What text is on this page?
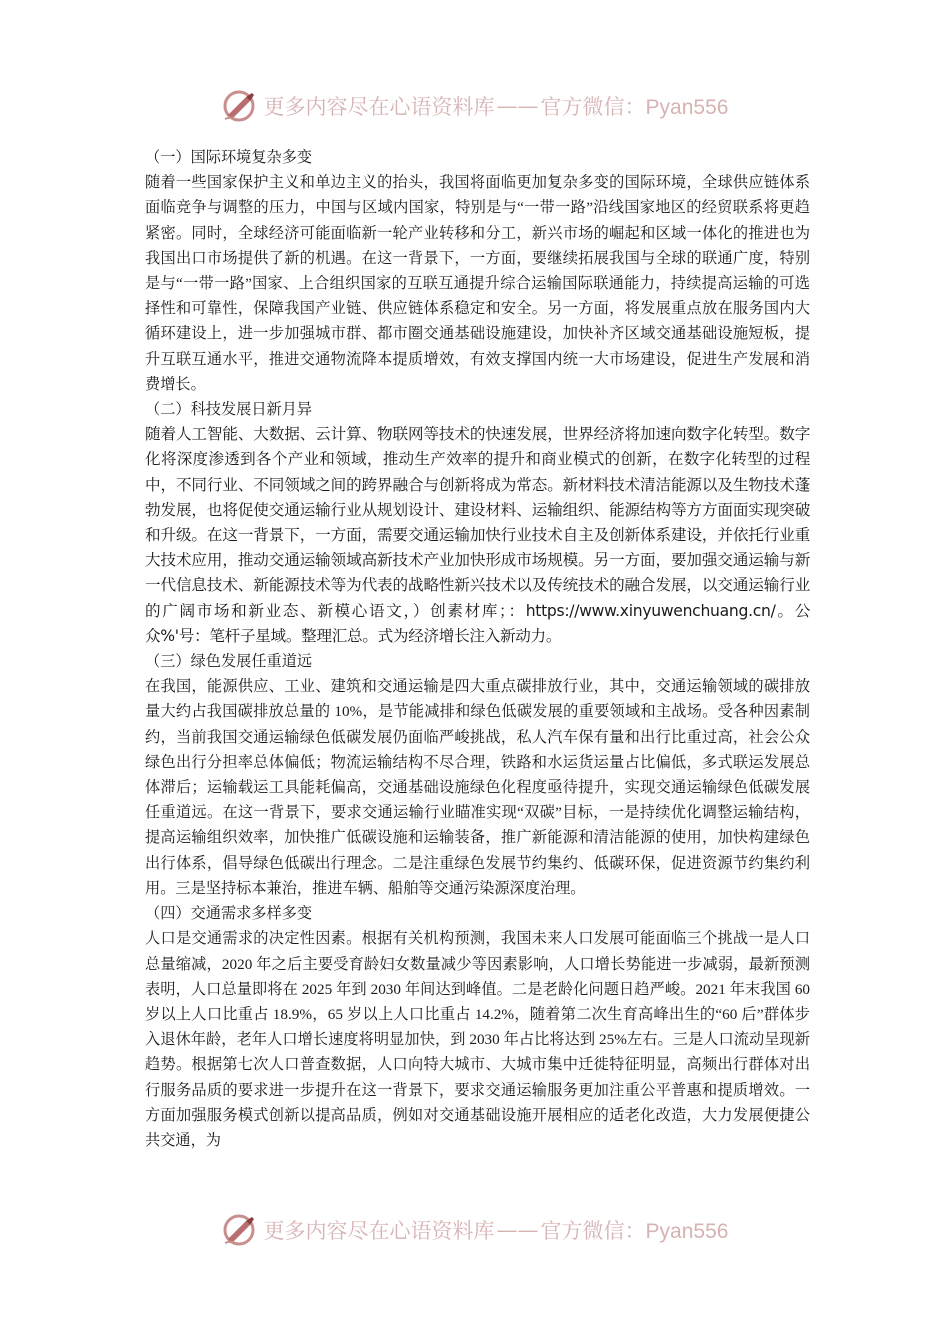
更多内容尽在心语资料库 —— 官方微信：Pyan556

（一）国际环境复杂多变

随着一些国家保护主义和单边主义的抬头，我国将面临更加复杂多变的国际环境，全球供应链体系面临竞争与调整的压力，中国与区域内国家，特别是与“一带一路”沿线国家地区的经贸联系将更趋紧密。同时，全球经济可能面临新一轮产业转移和分工，新兴市场的崛起和区域一体化的推进也为我国出口市场提供了新的机遇。在这一背景下，一方面，要继续拓展我国与全球的联通广度，特别是与“一带一路”国家、上合组织国家的互联互通提升综合运输国际联通能力，持续提高运输的可选择性和可靠性，保障我国产业链、供应链体系稳定和安全。另一方面，将发展重点放在服务国内大循环建设上，进一步加强城市群、都市圈交通基础设施建设，加快补齐区域交通基础设施短板，提升互联互通水平，推进交通物流降本提质增效，有效支撑国内统一大市场建设，促进生产发展和消费增长。

（二）科技发展日新月异

随着人工智能、大数据、云计算、物联网等技术的快速发展，世界经济将加速向数字化转型。数字化将深度渗透到各个产业和领域，推动生产效率的提升和商业模式的创新，在数字化转型的过程中，不同行业、不同领域之间的跨界融合与创新将成为常态。新材料技术清洁能源以及生物技术蓬勃发展，也将促使交通运输行业从规划设计、建设材料、运输组织、能源结构等方方面面实现突破和升级。在这一背景下，一方面，需要交通运输加快行业技术自主及创新体系建设，并依托行业重大技术应用，推动交通运输领域高新技术产业加快形成市场规模。另一方面，要加强交通运输与新一代信息技术、新能源技术等为代表的战略性新兴技术以及传统技术的融合发展，以交通运输行业的广阔市场和新业态、新模心语文，）创素材库；：https://www.xinyuwenchuang.cn/。公众%'号：笔杆子星域。整理汇总。式为经济增长注入新动力。

（三）绿色发展任重道远

在我国，能源供应、工业、建筑和交通运输是四大重点碳排放行业，其中，交通运输领域的碳排放量大约占我国碳排放总量的 10%，是节能减排和绿色低碳发展的重要领域和主战场。受各种因素制约，当前我国交通运输绿色低碳发展仍面临严峻挑战，私人汽车保有量和出行比重过高，社会公众绿色出行分担率总体偏低；物流运输结构不尽合理，铁路和水运货运量占比偏低，多式联运发展总体滞后；运输载运工具能耗偏高，交通基础设施绿色化程度亟待提升，实现交通运输绿色低碳发展任重道远。在这一背景下，要求交通运输行业瞄准实现“双碳”目标，一是持续优化调整运输结构，提高运输组织效率，加快推广低碳设施和运输装备，推广新能源和清洁能源的使用，加快构建绿色出行体系，倡导绿色低碳出行理念。二是注重绿色发展节约集约、低碳环保，促进资源节约集约利用。三是坚持标本兼治，推进车辆、船舶等交通污染源深度治理。

（四）交通需求多样多变

人口是交通需求的决定性因素。根据有关机构预测，我国未来人口发展可能面临三个挑战一是人口总量缩减，2020 年之后主要受育龄妇女数量减少等因素影响，人口增长势能进一步减弱，最新预测表明，人口总量即将在 2025 年到 2030 年间达到峰值。二是老龄化问题日趋严峻。2021 年末我国 60 岁以上人口比重占 18.9%，65 岁以上人口比重占 14.2%，随着第二次生育高峰出生的“60 后”群体步入退休年龄，老年人口增长速度将明显加快，到 2030 年占比将达到 25%左右。三是人口流动呈现新趋势。根据第七次人口普查数据，人口向特大城市、大城市集中迁徙特征明显，高频出行群体对出行服务品质的要求进一步提升在这一背景下，要求交通运输服务更加注重公平普惠和提质增效。一方面加强服务模式创新以提高品质，例如对交通基础设施开展相应的适老化改造，大力发展便捷公共交通，为

更多内容尽在心语资料库 —— 官方微信：Pyan556
